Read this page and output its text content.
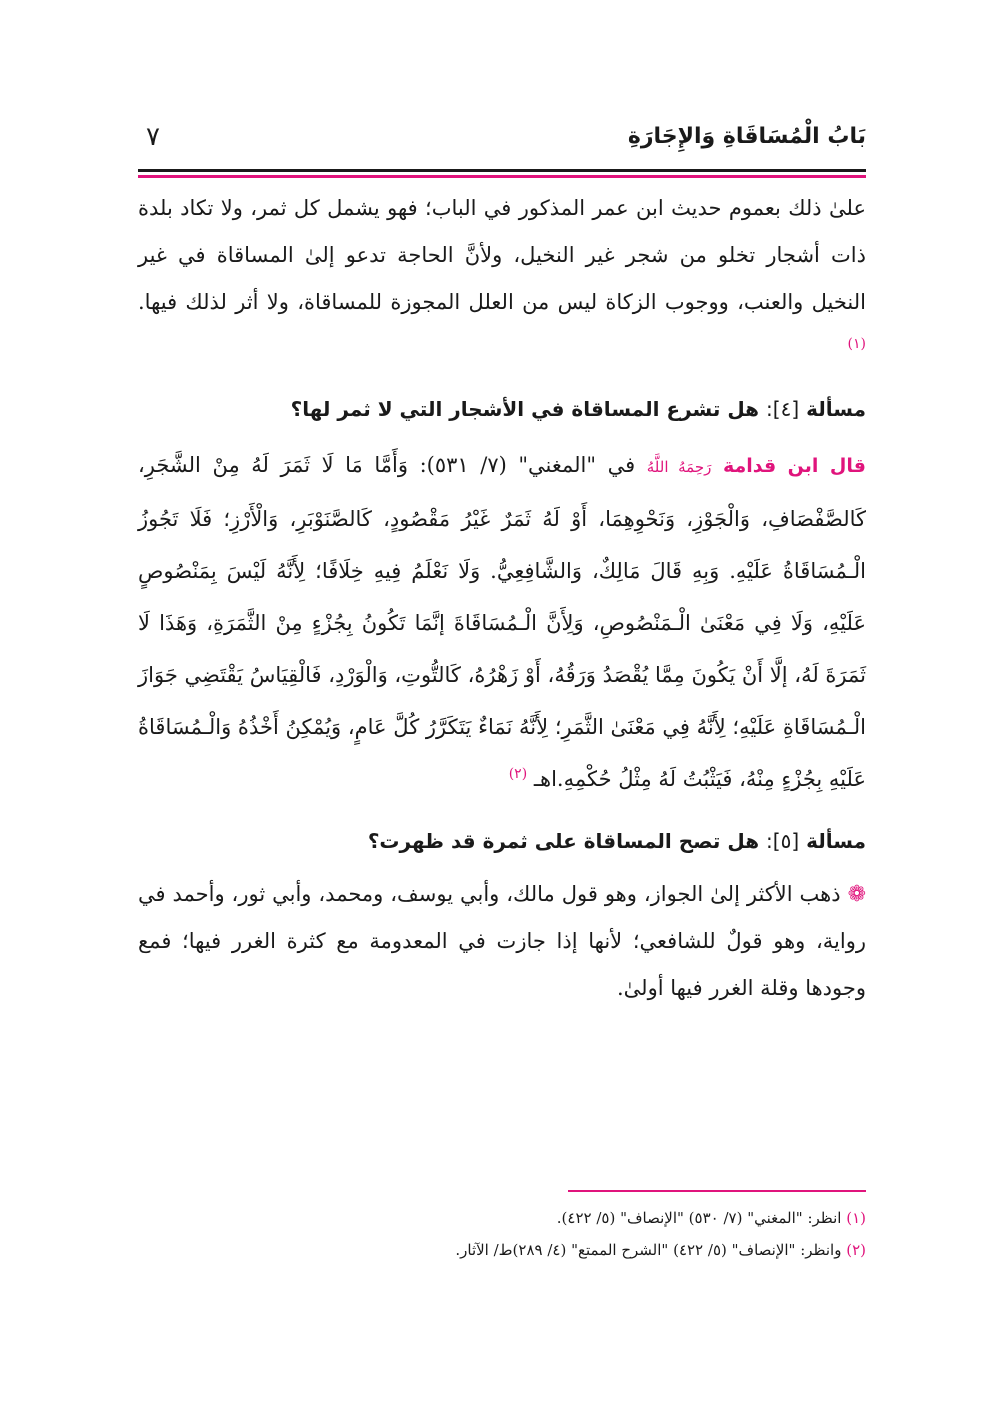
بَابُ الْمُسَاقَاةِ وَالإِجَارَةِ
٧

علىٰ ذلك بعموم حديث ابن عمر المذكور في الباب؛ فهو يشمل كل ثمر، ولا تكاد بلدة ذات أشجار تخلو من شجر غير النخيل، ولأنَّ الحاجة تدعو إلىٰ المساقاة في غير النخيل والعنب، ووجوب الزكاة ليس من العلل المجوزة للمساقاة، ولا أثر لذلك فيها. $^{(١)}$

مسألة [٤]: هل تشرع المساقاة في الأشجار التي لا ثمر لها؟

قال ابن قدامة رَحِمَهُ اللَّهُ في "المغني" (٧/ ٥٣١): وَأَمَّا مَا لَا ثَمَرَ لَهُ مِنْ الشَّجَرِ، كَالصَّفْصَافِ، وَالْجَوْزِ، وَنَحْوِهِمَا، أَوْ لَهُ ثَمَرٌ غَيْرُ مَقْصُودٍ، كَالصَّنَوْبَرِ، وَالْأَرْزِ؛ فَلَا تَجُوزُ الْـمُسَاقَاةُ عَلَيْهِ. وَبِهِ قَالَ مَالِكٌ، وَالشَّافِعِيُّ. وَلَا نَعْلَمُ فِيهِ خِلَافًا؛ لِأَنَّهُ لَيْسَ بِمَنْصُوصٍ عَلَيْهِ، وَلَا فِي مَعْنَىٰ الْـمَنْصُوصِ، وَلِأَنَّ الْـمُسَاقَاةَ إنَّمَا تَكُونُ بِجُزْءٍ مِنْ الثَّمَرَةِ، وَهَذَا لَا ثَمَرَةَ لَهُ، إلَّا أَنْ يَكُونَ مِمَّا يُقْصَدُ وَرَقُهُ، أَوْ زَهْرُهُ، كَالتُّوتِ، وَالْوَرْدِ، فَالْقِيَاسُ يَقْتَضِي جَوَازَ الْـمُسَاقَاةِ عَلَيْهِ؛ لِأَنَّهُ فِي مَعْنَىٰ الثَّمَرِ؛ لِأَنَّهُ نَمَاءٌ يَتَكَرَّرُ كُلَّ عَامٍ، وَيُمْكِنُ أَخْذُهُ وَالْـمُسَاقَاةُ عَلَيْهِ بِجُزْءٍ مِنْهُ، فَيَثْبُتُ لَهُ مِثْلُ حُكْمِهِ.اهـ $^{(٢)}$

مسألة [٥]: هل تصح المساقاة على ثمرة قد ظهرت؟

❁ ذهب الأكثر إلىٰ الجواز، وهو قول مالك، وأبي يوسف، ومحمد، وأبي ثور، وأحمد في رواية، وهو قولٌ للشافعي؛ لأنها إذا جازت في المعدومة مع كثرة الغرر فيها؛ فمع وجودها وقلة الغرر فيها أولىٰ.

(١) انظر: "المغني" (٧/ ٥٣٠) "الإنصاف" (٥/ ٤٢٢).

(٢) وانظر: "الإنصاف" (٥/ ٤٢٢) "الشرح الممتع" (٤/ ٢٨٩)ط/ الآثار.
